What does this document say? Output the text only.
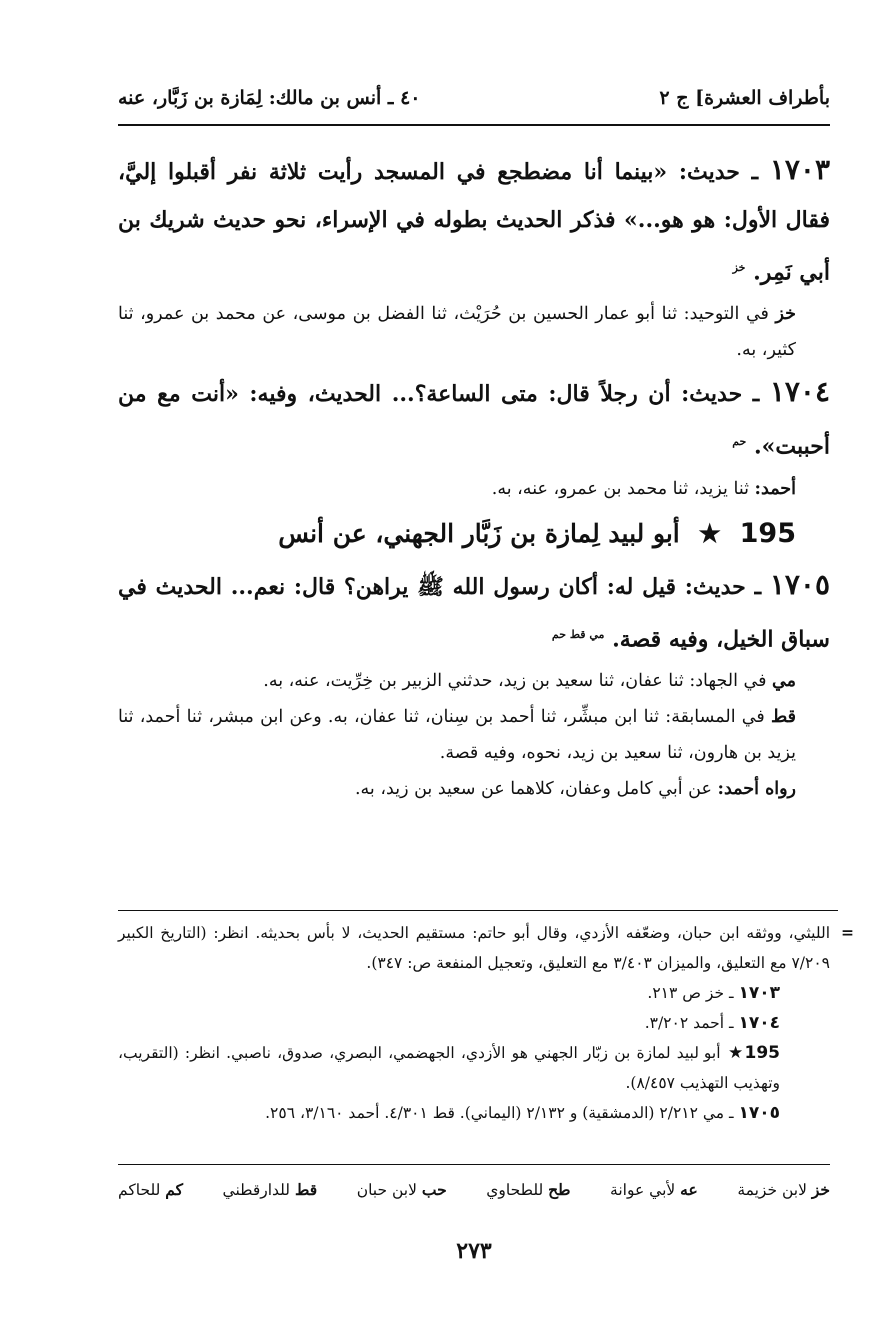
بأطراف العشرة] ج ٢
٤٠ ـ أنس بن مالك: لِمَازة بن زَبَّار، عنه
١٧٠٣ ـ حديث: «بينما أنا مضطجع في المسجد رأيت ثلاثة نفر أقبلوا إليَّ، فقال الأول: هو هو...» فذكر الحديث بطوله في الإسراء، نحو حديث شريك بن أبي نَمِر. $^{خز}$

خز في التوحيد: ثنا أبو عمار الحسين بن حُرَيْث، ثنا الفضل بن موسى، عن محمد بن عمرو، ثنا كثير، به.

١٧٠٤ ـ حديث: أن رجلاً قال: متى الساعة؟... الحديث، وفيه: «أنت مع من أحببت». $^{حم}$

أحمد: ثنا يزيد، ثنا محمد بن عمرو، عنه، به.

195 ★ أبو لبيد لِمازة بن زَبَّار الجهني، عن أنس
١٧٠٥ ـ حديث: قيل له: أكان رسول الله ﷺ يراهن؟ قال: نعم... الحديث في سباق الخيل، وفيه قصة. $^{مي قط حم}$

مي في الجهاد: ثنا عفان، ثنا سعيد بن زيد، حدثني الزبير بن خِرِّيت، عنه، به.

قط في المسابقة: ثنا ابن مبشِّر، ثنا أحمد بن سِنان، ثنا عفان، به. وعن ابن مبشر، ثنا أحمد، ثنا يزيد بن هارون، ثنا سعيد بن زيد، نحوه، وفيه قصة.

رواه أحمد: عن أبي كامل وعفان، كلاهما عن سعيد بن زيد، به.

=
الليثي، ووثقه ابن حبان، وضعّفه الأزدي، وقال أبو حاتم: مستقيم الحديث، لا بأس بحديثه. انظر: (التاريخ الكبير ٧/٢٠٩ مع التعليق، والميزان ٣/٤٠٣ مع التعليق، وتعجيل المنفعة ص: ٣٤٧).

١٧٠٣ ـ خز ص ٢١٣.

١٧٠٤ ـ أحمد ٣/٢٠٢.

195★ أبو لبيد لمازة بن زبّار الجهني هو الأزدي، الجهضمي، البصري، صدوق، ناصبي. انظر: (التقريب، وتهذيب التهذيب ٨/٤٥٧).

١٧٠٥ ـ مي ٢/٢١٢ (الدمشقية) و ٢/١٣٢ (اليماني). قط ٤/٣٠١. أحمد ٣/١٦٠، ٢٥٦.

خز لابن خزيمة
عه لأبي عوانة
طح للطحاوي
حب لابن حبان
قط للدارقطني
كم للحاكم
٢٧٣
